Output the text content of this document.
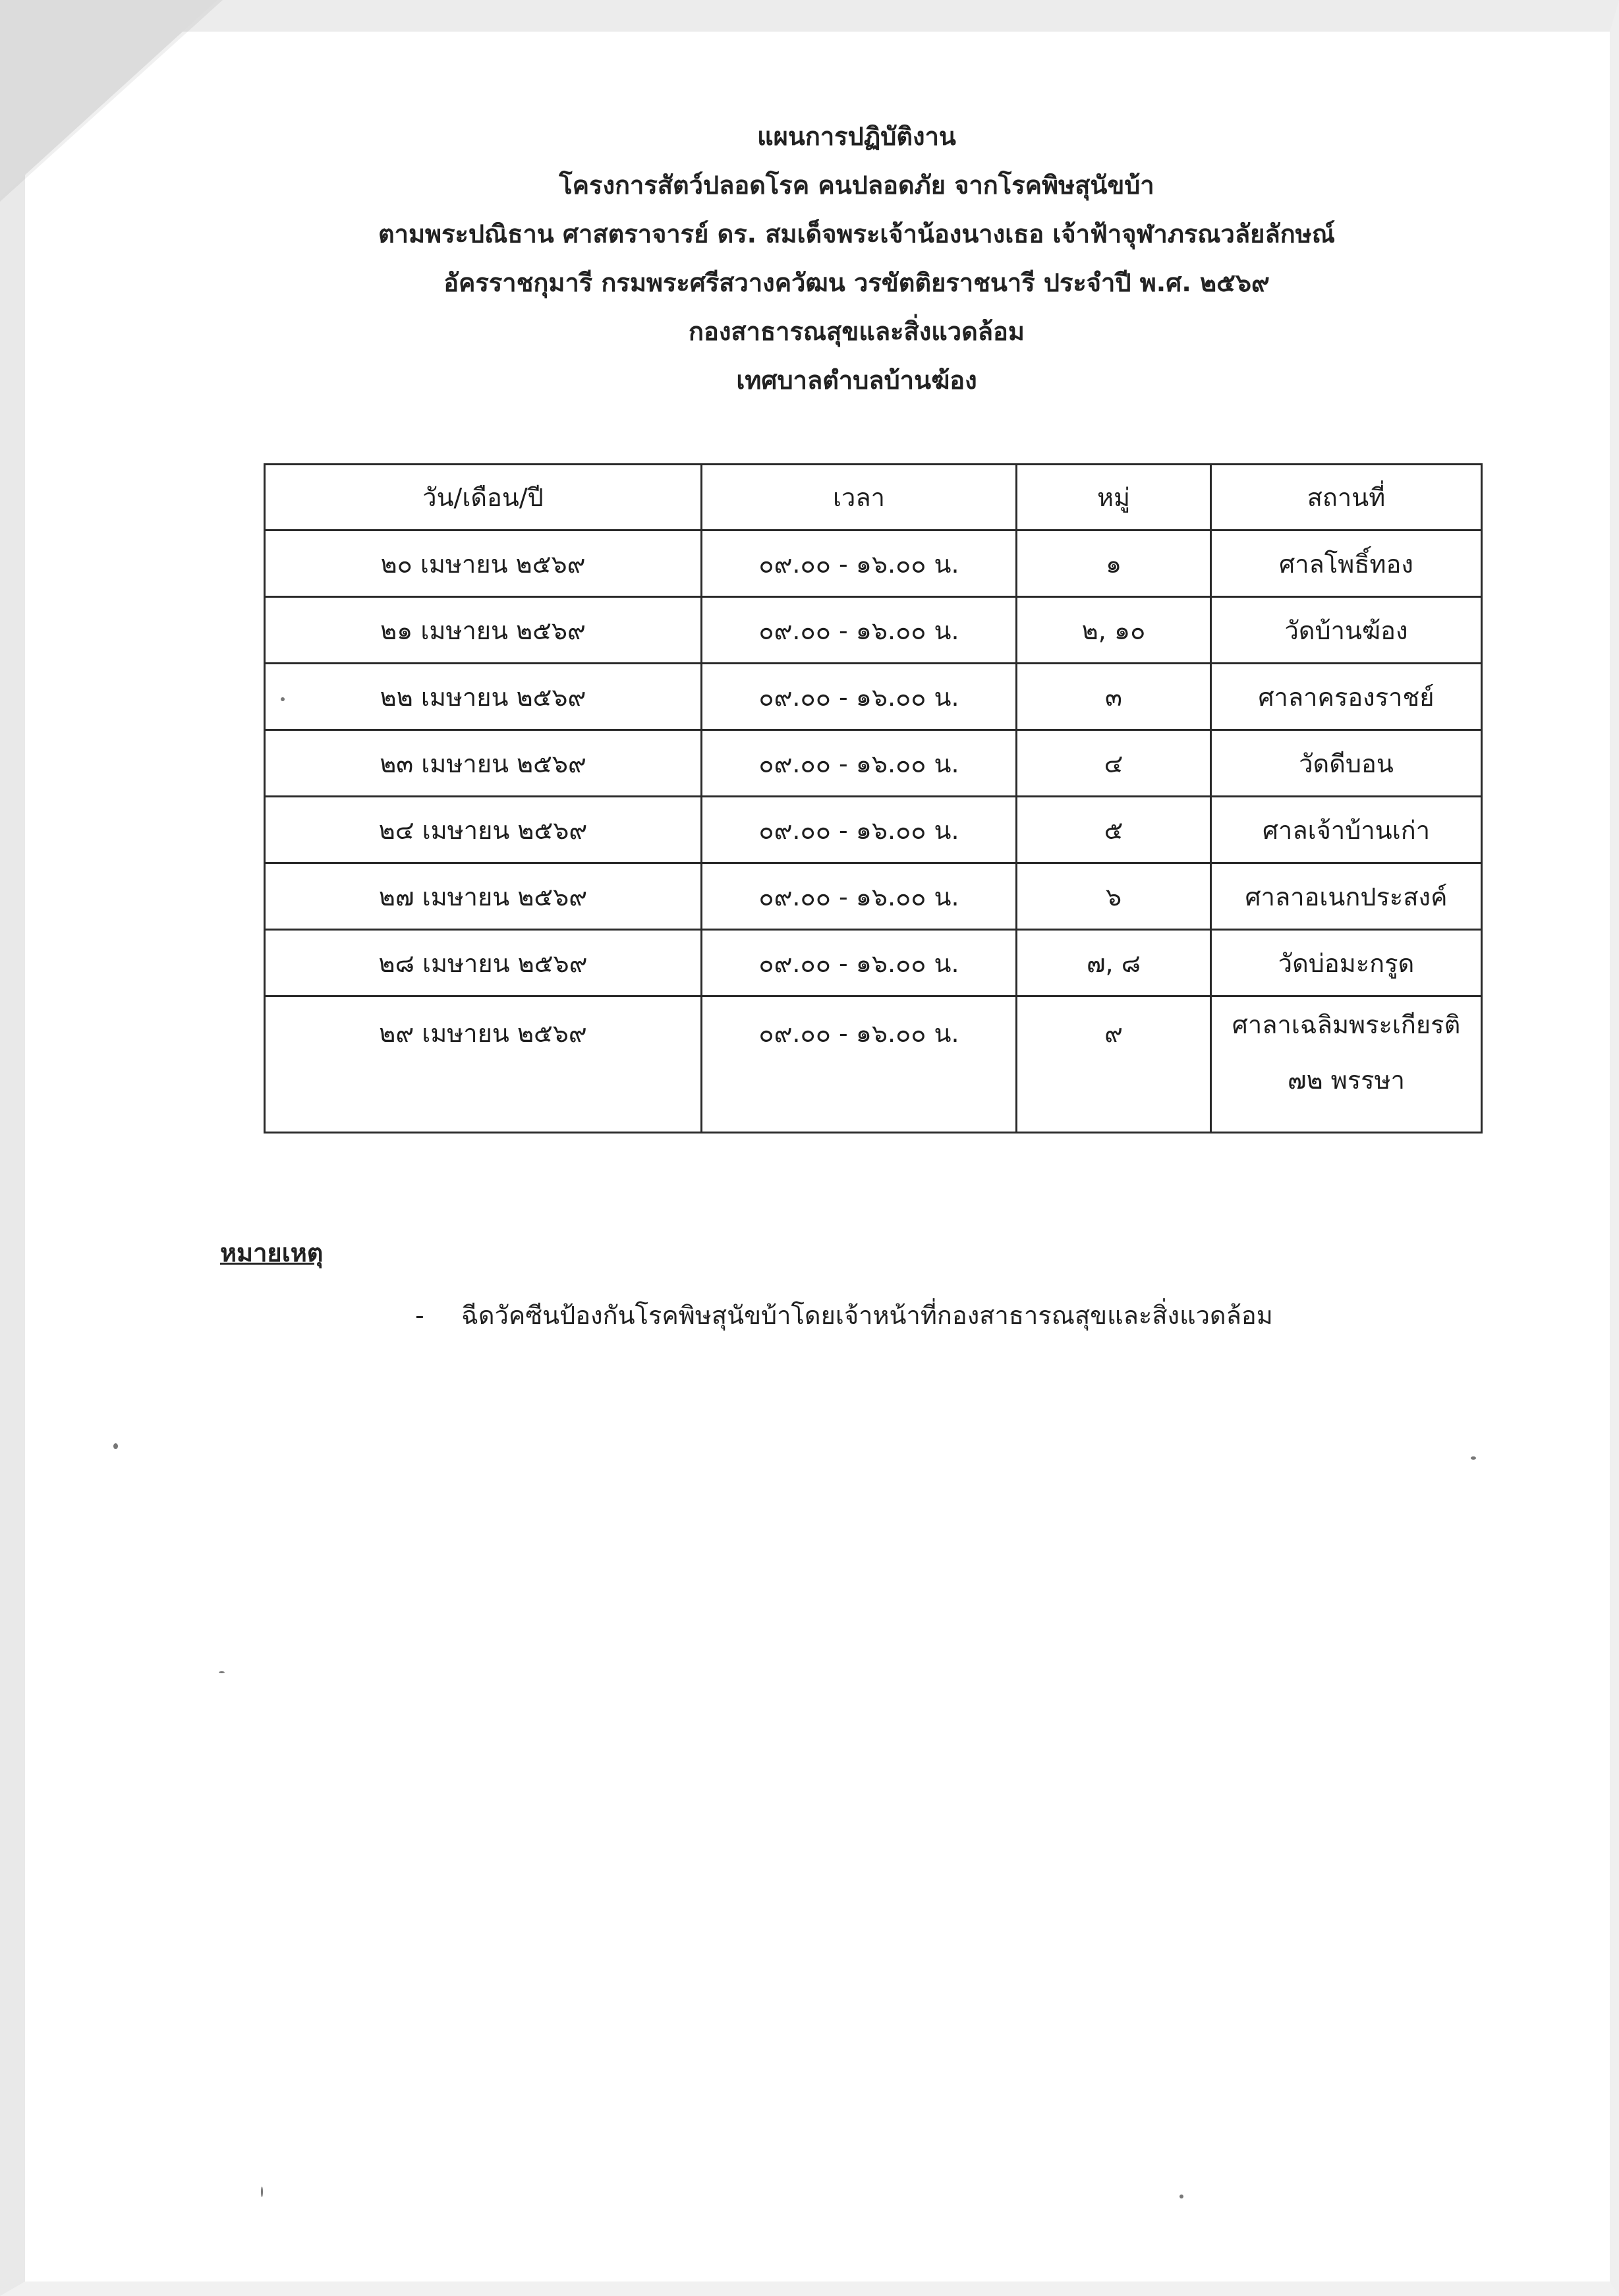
แผนการปฏิบัติงาน
โครงการสัตว์ปลอดโรค คนปลอดภัย จากโรคพิษสุนัขบ้า
ตามพระปณิธาน ศาสตราจารย์ ดร. สมเด็จพระเจ้าน้องนางเธอ เจ้าฟ้าจุฬาภรณวลัยลักษณ์
อัครราชกุมารี กรมพระศรีสวางควัฒน วรขัตติยราชนารี ประจำปี พ.ศ. ๒๕๖๙
กองสาธารณสุขและสิ่งแวดล้อม
เทศบาลตำบลบ้านฆ้อง
วัน/เดือน/ปี	เวลา	หมู่	สถานที่
๒๐ เมษายน ๒๕๖๙	๐๙.๐๐ - ๑๖.๐๐ น.	๑	ศาลโพธิ์ทอง
๒๑ เมษายน ๒๕๖๙	๐๙.๐๐ - ๑๖.๐๐ น.	๒, ๑๐	วัดบ้านฆ้อง
๒๒ เมษายน ๒๕๖๙	๐๙.๐๐ - ๑๖.๐๐ น.	๓	ศาลาครองราชย์
๒๓ เมษายน ๒๕๖๙	๐๙.๐๐ - ๑๖.๐๐ น.	๔	วัดดีบอน
๒๔ เมษายน ๒๕๖๙	๐๙.๐๐ - ๑๖.๐๐ น.	๕	ศาลเจ้าบ้านเก่า
๒๗ เมษายน ๒๕๖๙	๐๙.๐๐ - ๑๖.๐๐ น.	๖	ศาลาอเนกประสงค์
๒๘ เมษายน ๒๕๖๙	๐๙.๐๐ - ๑๖.๐๐ น.	๗, ๘	วัดบ่อมะกรูด
๒๙ เมษายน ๒๕๖๙	๐๙.๐๐ - ๑๖.๐๐ น.	๙	ศาลาเฉลิมพระเกียรติ ๗๒ พรรษา
หมายเหตุ
- ฉีดวัคซีนป้องกันโรคพิษสุนัขบ้าโดยเจ้าหน้าที่กองสาธารณสุขและสิ่งแวดล้อม
